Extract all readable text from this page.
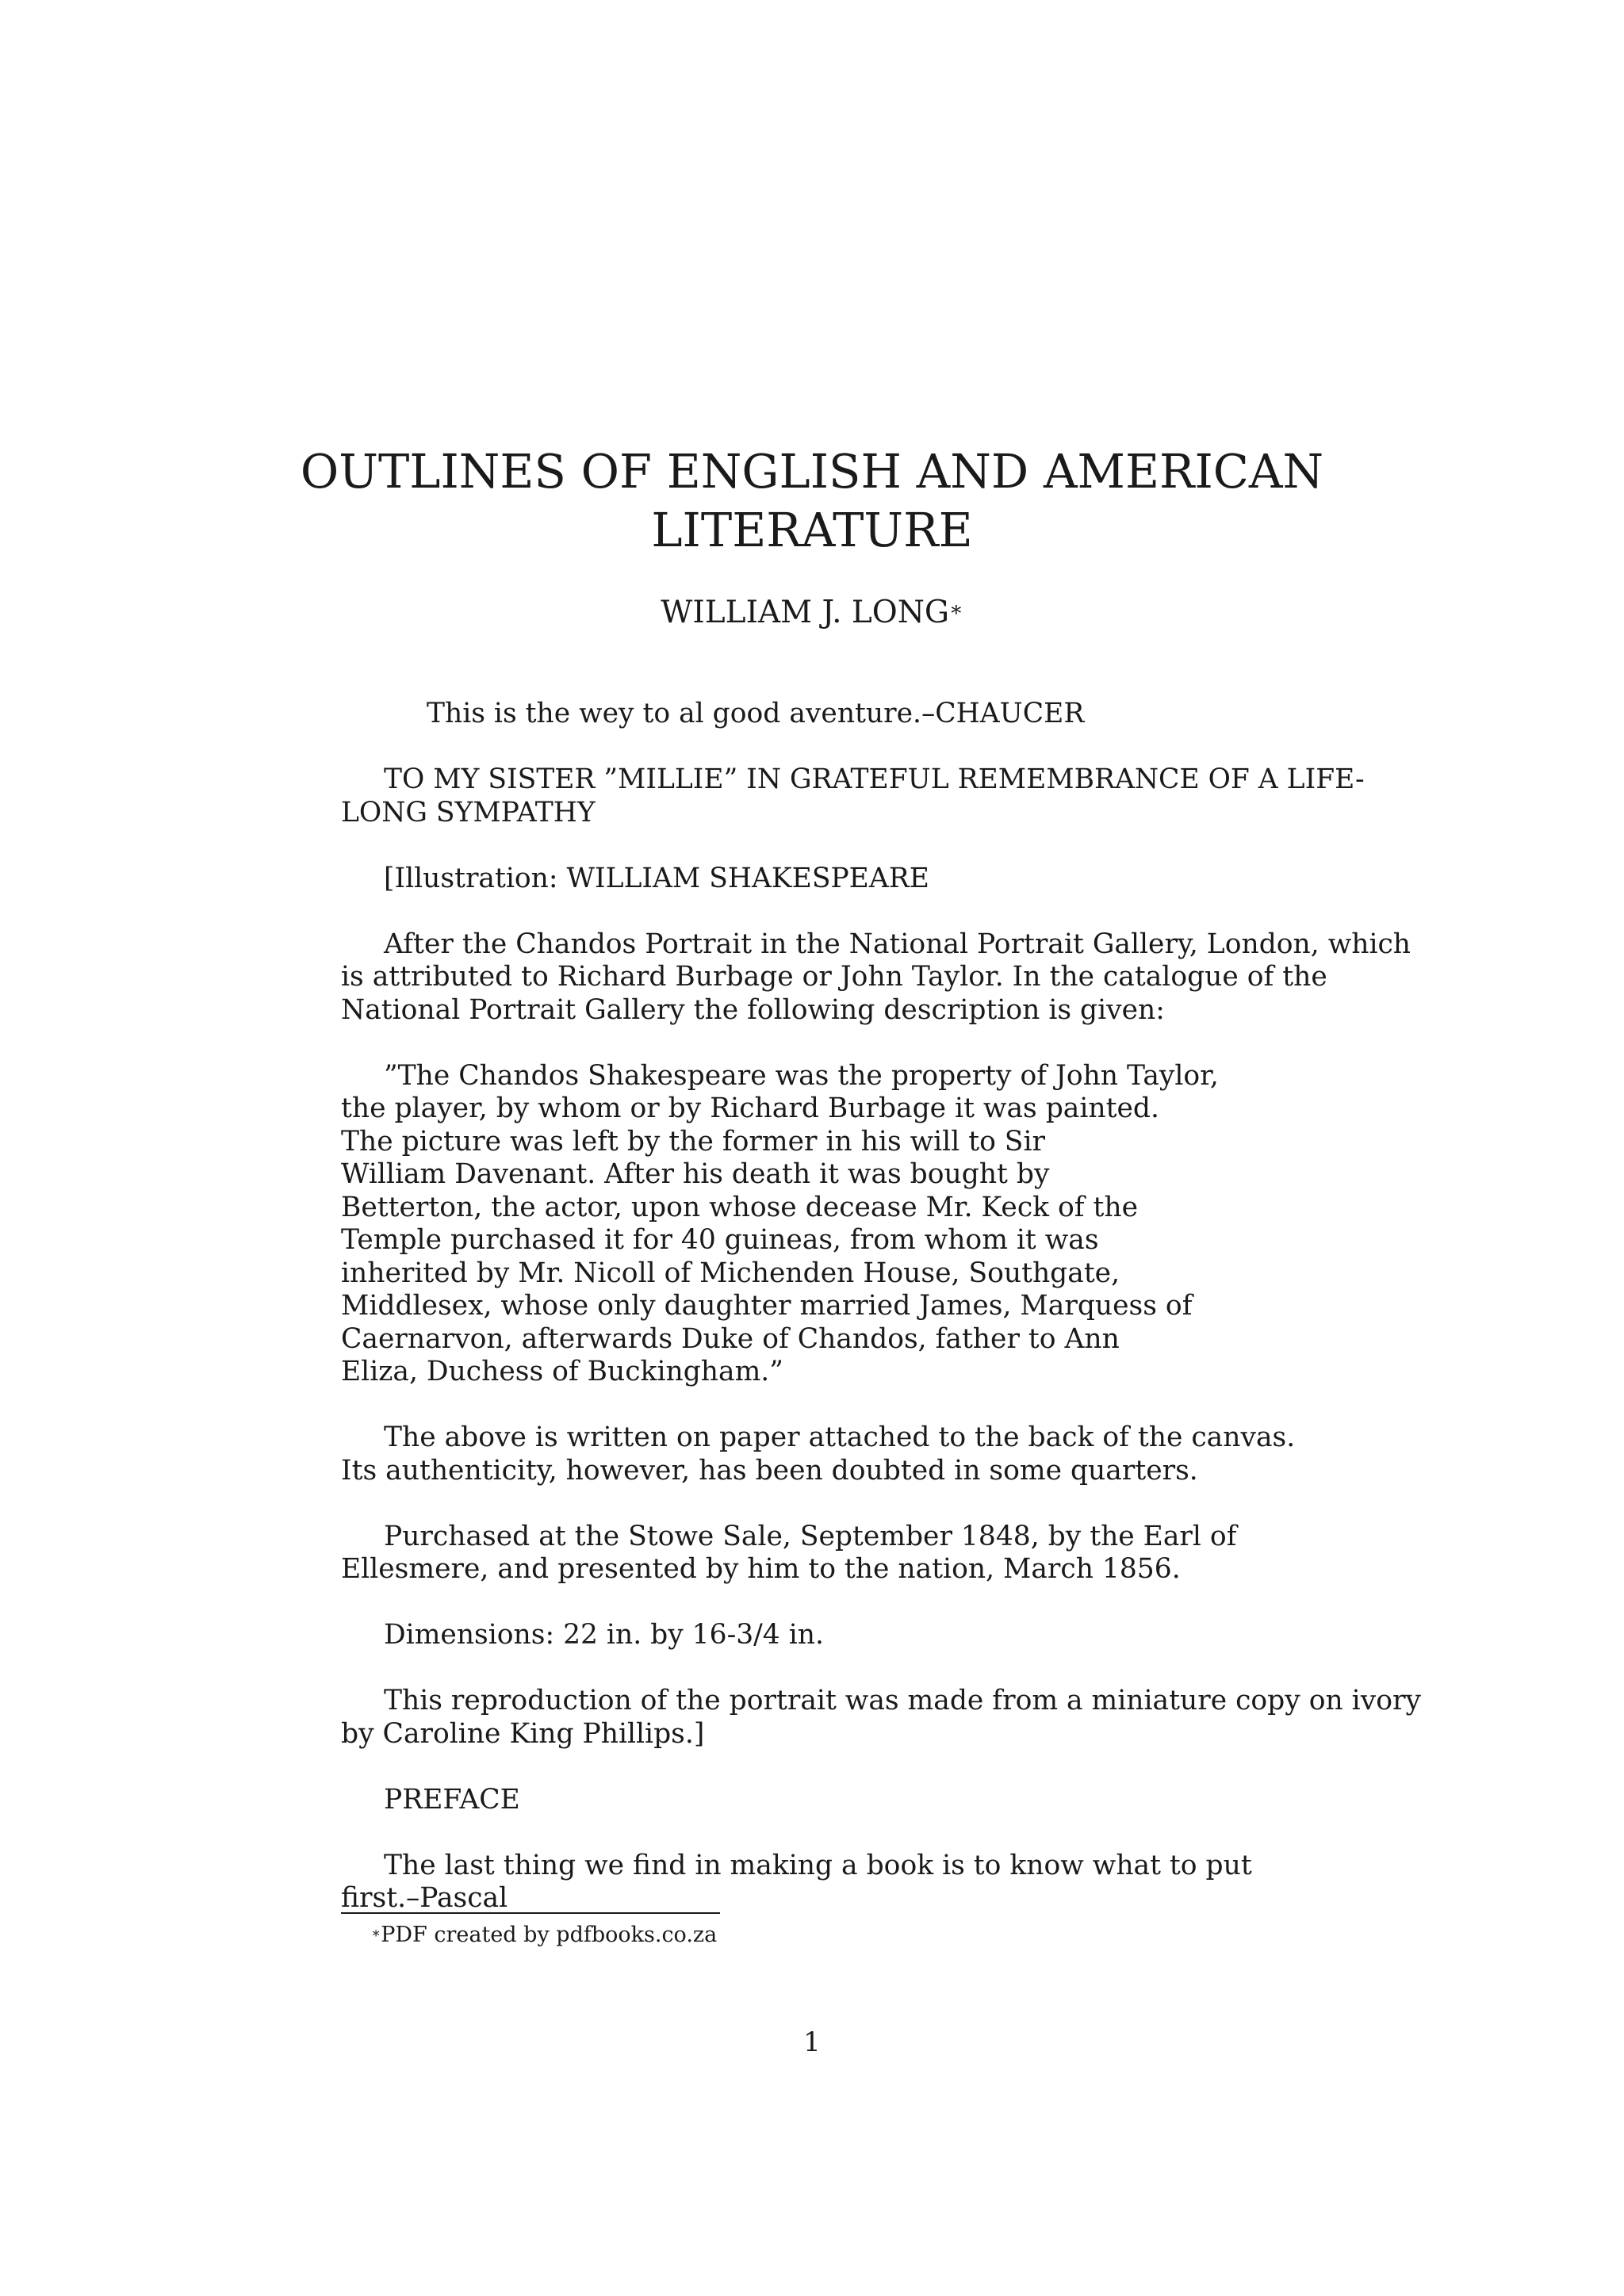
OUTLINES OF ENGLISH AND AMERICAN
LITERATURE
WILLIAM J. LONG∗

This is the wey to al good aventure.–CHAUCER

TO MY SISTER ”MILLIE” IN GRATEFUL REMEMBRANCE OF A LIFE-
LONG SYMPATHY

[Illustration: WILLIAM SHAKESPEARE

After the Chandos Portrait in the National Portrait Gallery, London, which
is attributed to Richard Burbage or John Taylor. In the catalogue of the
National Portrait Gallery the following description is given:

”The Chandos Shakespeare was the property of John Taylor,
the player, by whom or by Richard Burbage it was painted.
The picture was left by the former in his will to Sir
William Davenant. After his death it was bought by
Betterton, the actor, upon whose decease Mr. Keck of the
Temple purchased it for 40 guineas, from whom it was
inherited by Mr. Nicoll of Michenden House, Southgate,
Middlesex, whose only daughter married James, Marquess of
Caernarvon, afterwards Duke of Chandos, father to Ann
Eliza, Duchess of Buckingham.”

The above is written on paper attached to the back of the canvas.
Its authenticity, however, has been doubted in some quarters.

Purchased at the Stowe Sale, September 1848, by the Earl of
Ellesmere, and presented by him to the nation, March 1856.

Dimensions: 22 in. by 16-3/4 in.

This reproduction of the portrait was made from a miniature copy on ivory
by Caroline King Phillips.]

PREFACE

The last thing we find in making a book is to know what to put
first.–Pascal

∗PDF created by pdfbooks.co.za
1
